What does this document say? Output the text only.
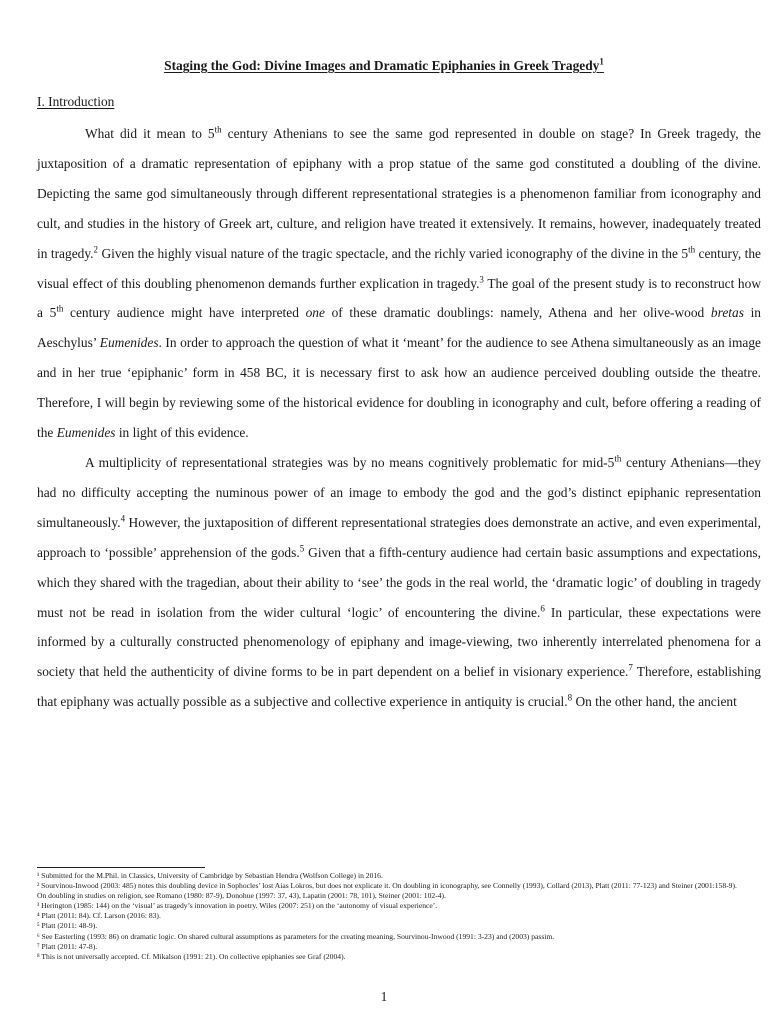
Staging the God: Divine Images and Dramatic Epiphanies in Greek Tragedy$^1$
I. Introduction

What did it mean to 5th century Athenians to see the same god represented in double on stage? In Greek tragedy, the juxtaposition of a dramatic representation of epiphany with a prop statue of the same god constituted a doubling of the divine. Depicting the same god simultaneously through different representational strategies is a phenomenon familiar from iconography and cult, and studies in the history of Greek art, culture, and religion have treated it extensively. It remains, however, inadequately treated in tragedy.$^2$ Given the highly visual nature of the tragic spectacle, and the richly varied iconography of the divine in the 5th century, the visual effect of this doubling phenomenon demands further explication in tragedy.$^3$ The goal of the present study is to reconstruct how a 5th century audience might have interpreted one of these dramatic doublings: namely, Athena and her olive-wood bretas in Aeschylus’ Eumenides. In order to approach the question of what it ‘meant’ for the audience to see Athena simultaneously as an image and in her true ‘epiphanic’ form in 458 BC, it is necessary first to ask how an audience perceived doubling outside the theatre. Therefore, I will begin by reviewing some of the historical evidence for doubling in iconography and cult, before offering a reading of the Eumenides in light of this evidence.

A multiplicity of representational strategies was by no means cognitively problematic for mid-5th century Athenians—they had no difficulty accepting the numinous power of an image to embody the god and the god’s distinct epiphanic representation simultaneously.$^4$ However, the juxtaposition of different representational strategies does demonstrate an active, and even experimental, approach to ‘possible’ apprehension of the gods.$^5$ Given that a fifth-century audience had certain basic assumptions and expectations, which they shared with the tragedian, about their ability to ‘see’ the gods in the real world, the ‘dramatic logic’ of doubling in tragedy must not be read in isolation from the wider cultural ‘logic’ of encountering the divine.$^6$ In particular, these expectations were informed by a culturally constructed phenomenology of epiphany and image-viewing, two inherently interrelated phenomena for a society that held the authenticity of divine forms to be in part dependent on a belief in visionary experience.$^7$ Therefore, establishing that epiphany was actually possible as a subjective and collective experience in antiquity is crucial.$^8$ On the other hand, the ancient

¹ Submitted for the M.Phil. in Classics, University of Cambridge by Sebastian Hendra (Wolfson College) in 2016.
² Sourvinou-Inwood (2003: 485) notes this doubling device in Sophocles’ lost Aias Lokros, but does not explicate it. On doubling in iconography, see Connelly (1993), Collard (2013), Platt (2011: 77-123) and Steiner (2001:158-9). On doubling in studies on religion, see Romano (1980: 87-9), Donohue (1997: 37, 43), Lapatin (2001: 78, 101), Steiner (2001: 102-4).
³ Herington (1985: 144) on the ‘visual’ as tragedy’s innovation in poetry. Wiles (2007: 251) on the ‘autonomy of visual experience’.
⁴ Platt (2011: 84). Cf. Larson (2016: 83).
⁵ Platt (2011: 48-9).
⁶ See Easterling (1993: 86) on dramatic logic. On shared cultural assumptions as parameters for the creating meaning, Sourvinou-Inwood (1991: 3-23) and (2003) passim.
⁷ Platt (2011: 47-8).
⁸ This is not universally accepted. Cf. Mikalson (1991: 21). On collective epiphanies see Graf (2004).
1
